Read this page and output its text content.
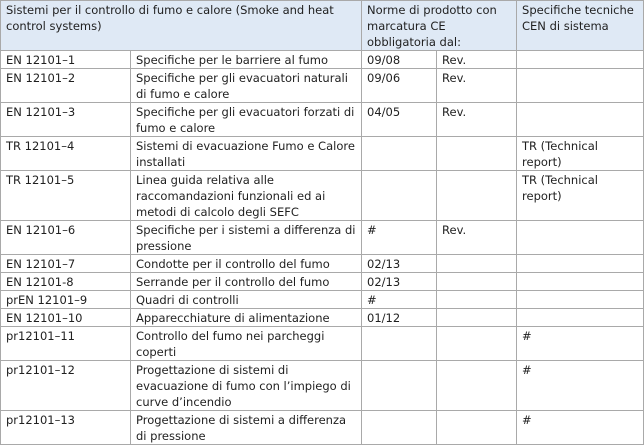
Sistemi per il controllo di fumo e calore (Smoke and heat control systems)		Norme di prodotto con marcatura CE obbligatoria dal:		Specifiche tecniche CEN di sistema
EN 12101–1	Specifiche per le barriere al fumo	09/08	Rev.	
EN 12101–2	Specifiche per gli evacuatori naturali di fumo e calore	09/06	Rev.	
EN 12101–3	Specifiche per gli evacuatori forzati di fumo e calore	04/05	Rev.	
TR 12101–4	Sistemi di evacuazione Fumo e Calore installati			TR (Technical report)
TR 12101–5	Linea guida relativa alle raccomandazioni funzionali ed ai metodi di calcolo degli SEFC			TR (Technical report)
EN 12101–6	Specifiche per i sistemi a differenza di pressione	#	Rev.	
EN 12101–7	Condotte per il controllo del fumo	02/13		
EN 12101-8	Serrande per il controllo del fumo	02/13		
prEN 12101–9	Quadri di controlli	#		
EN 12101–10	Apparecchiature di alimentazione	01/12		
pr12101–11	Controllo del fumo nei parcheggi coperti			#
pr12101–12	Progettazione di sistemi di evacuazione di fumo con l’impiego di curve d’incendio			#
pr12101–13	Progettazione di sistemi a differenza di pressione			#
